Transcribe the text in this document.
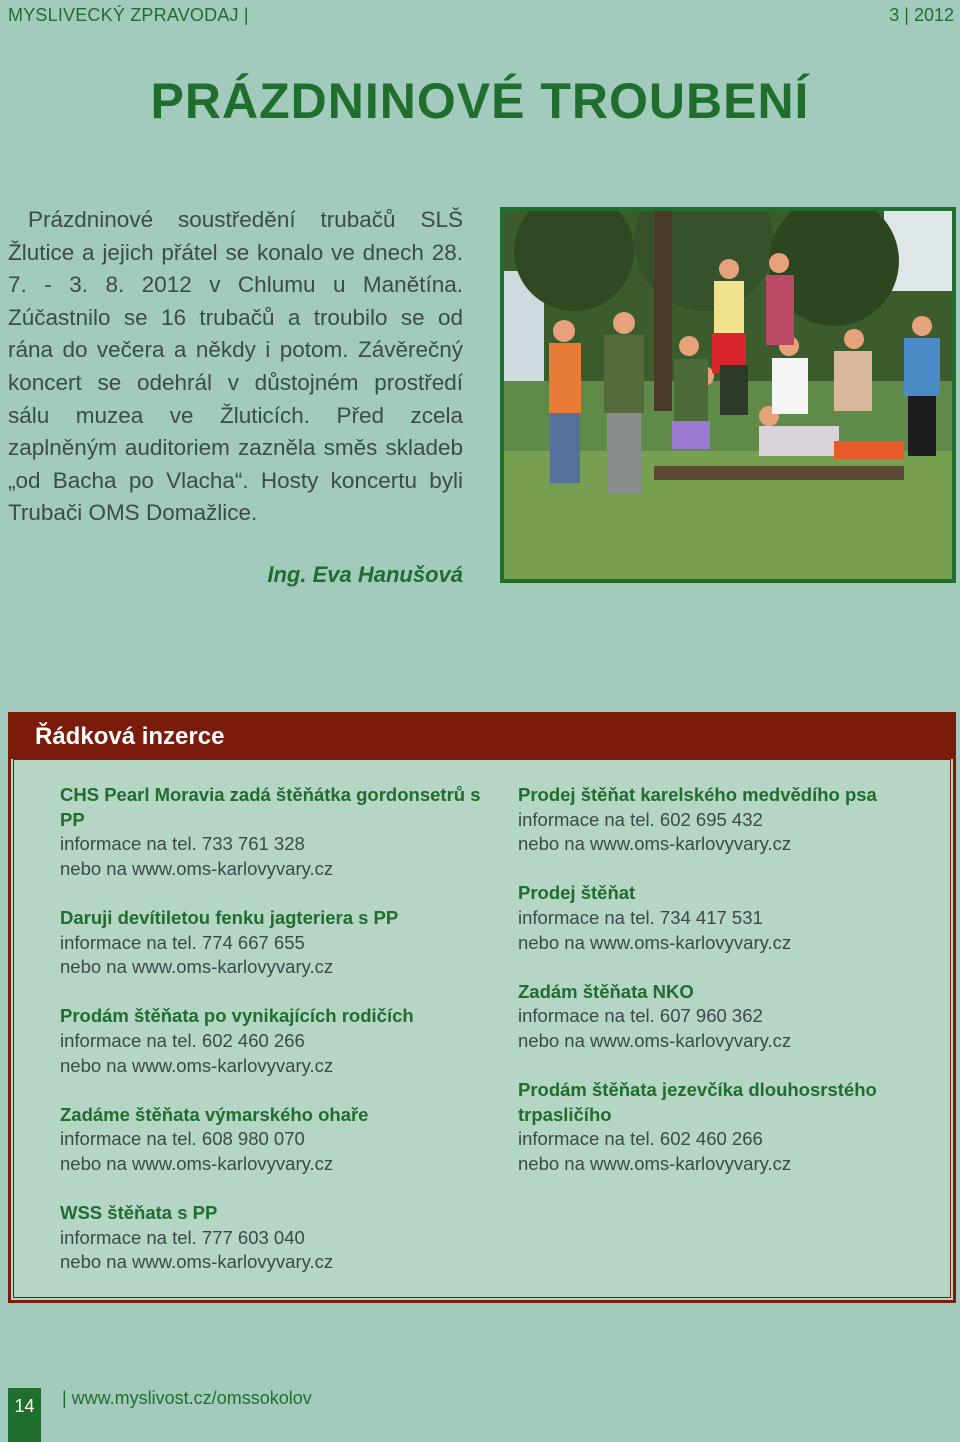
MYSLIVECKÝ ZPRAVODAJ |	3 | 2012
PRÁZDNINOVÉ TROUBENÍ

Prázdninové soustředění trubačů SLŠ Žlutice a jejich přátel se konalo ve dnech 28. 7. - 3. 8. 2012 v Chlumu u Manětína. Zúčastnilo se 16 trubačů a troubilo se od rána do večera a někdy i potom. Závěrečný koncert se odehrál v důstojném prostředí sálu muzea ve Žluticích. Před zcela zaplněným auditoriem zazněla směs skladeb „od Bacha po Vlacha“. Hosty koncertu byli Trubači OMS Domažlice.

Ing. Eva Hanušová
Řádková inzerce
CHS Pearl Moravia zadá štěňátka gordonsetrů s PP
informace na tel. 733 761 328
nebo na www.oms-karlovyvary.cz
Daruji devítiletou fenku jagteriera s PP
informace na tel. 774 667 655
nebo na www.oms-karlovyvary.cz
Prodám štěňata po vynikajících rodičích
informace na tel. 602 460 266
nebo na www.oms-karlovyvary.cz
Zadáme štěňata výmarského ohaře
informace na tel. 608 980 070
nebo na www.oms-karlovyvary.cz
WSS štěňata s PP
informace na tel. 777 603 040
nebo na www.oms-karlovyvary.cz
Prodej štěňat karelského medvědího psa
informace na tel. 602 695 432
nebo na www.oms-karlovyvary.cz
Prodej štěňat
informace na tel. 734 417 531
nebo na www.oms-karlovyvary.cz
Zadám štěňata NKO
informace na tel. 607 960 362
nebo na www.oms-karlovyvary.cz
Prodám štěňata jezevčíka dlouhosrstého trpasličího
informace na tel. 602 460 266
nebo na www.oms-karlovyvary.cz
14	| www.myslivost.cz/omssokolov
